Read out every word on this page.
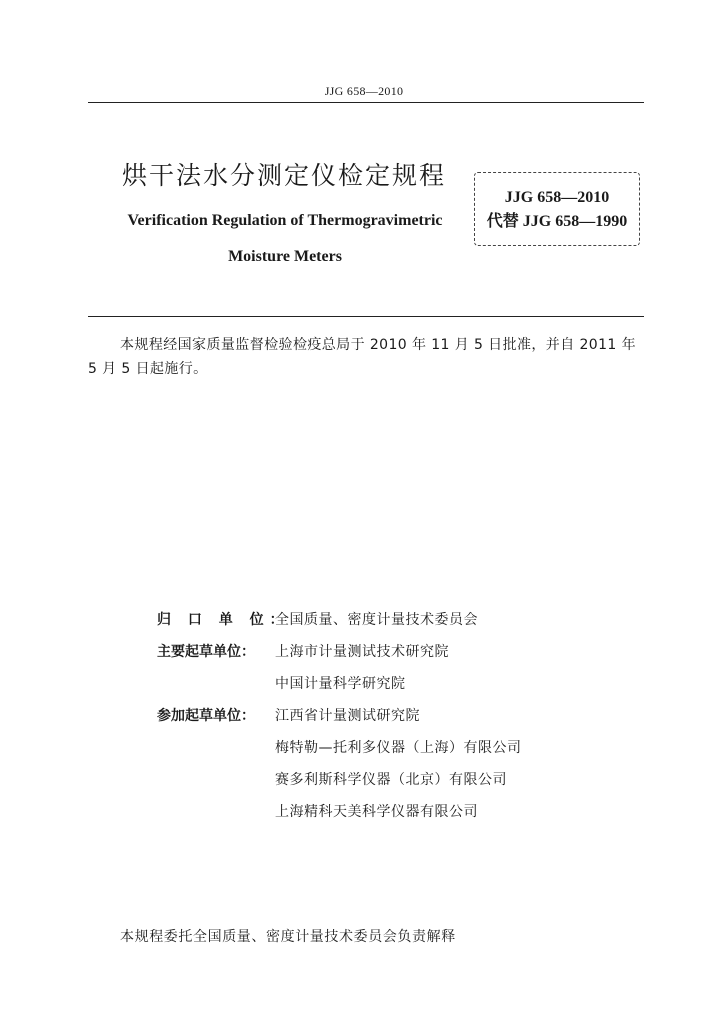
JJG 658—2010
烘干法水分测定仪检定规程
Verification Regulation of Thermogravimetric
Moisture Meters
JJG 658—2010
代替 JJG 658—1990
本规程经国家质量监督检验检疫总局于 2010 年 11 月 5 日批准，并自 2011 年 5 月 5 日起施行。
归 口 单 位：
全国质量、密度计量技术委员会
主要起草单位：	上海市计量测试技术研究院
中国计量科学研究院
参加起草单位：	江西省计量测试研究院
梅特勒—托利多仪器（上海）有限公司
赛多利斯科学仪器（北京）有限公司
上海精科天美科学仪器有限公司
本规程委托全国质量、密度计量技术委员会负责解释
